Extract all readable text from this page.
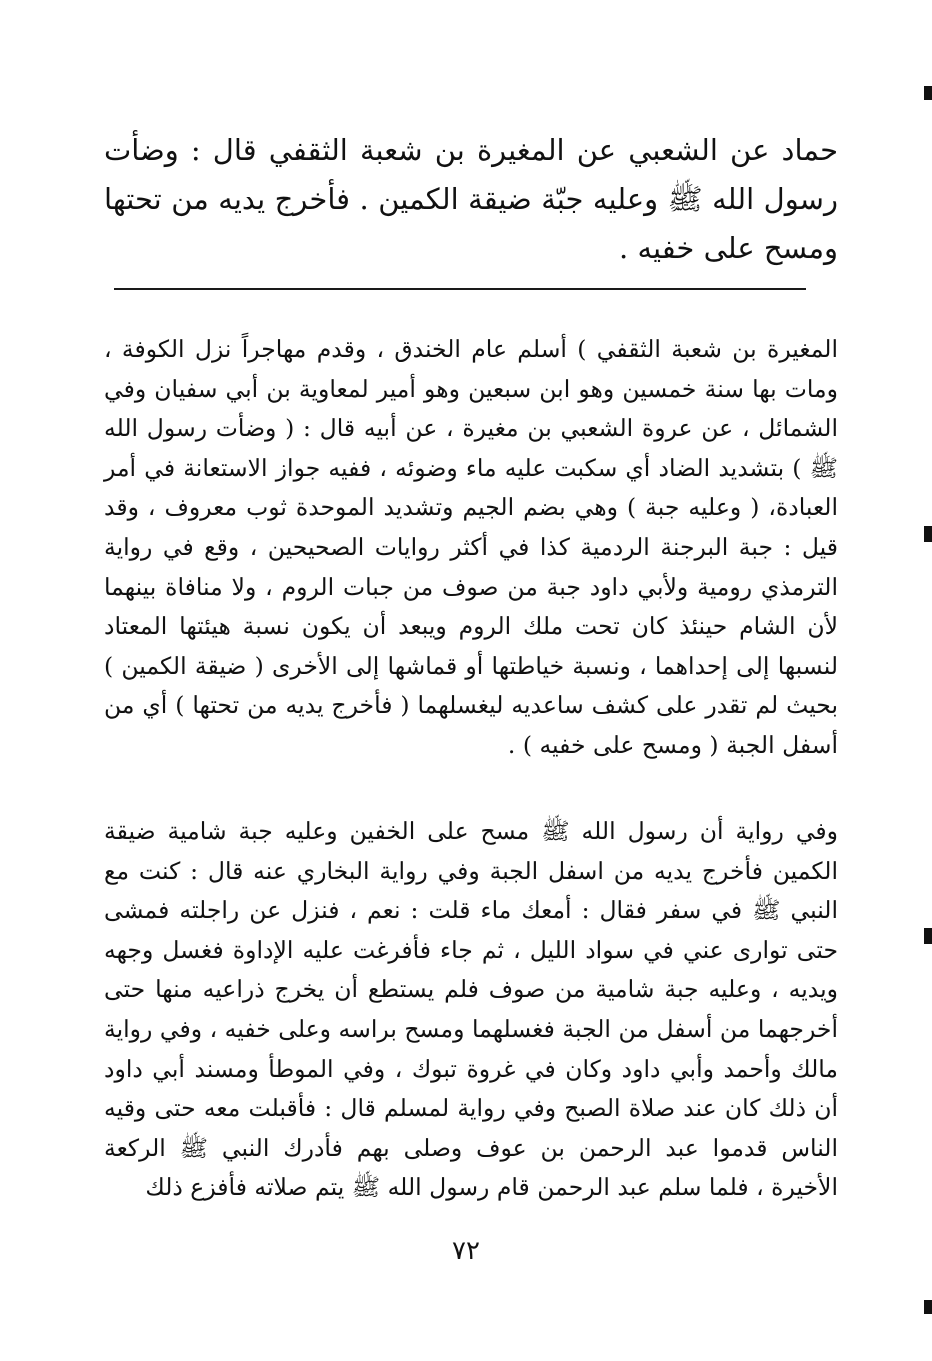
حماد عن الشعبي عن المغيرة بن شعبة الثقفي قال : وضأت رسول الله ﷺ وعليه جبّة ضيقة الكمين . فأخرج يديه من تحتها ومسح على خفيه .

المغيرة بن شعبة الثقفي ) أسلم عام الخندق ، وقدم مهاجراً نزل الكوفة ، ومات بها سنة خمسين وهو ابن سبعين وهو أمير لمعاوية بن أبي سفيان وفي الشمائل ، عن عروة الشعبي بن مغيرة ، عن أبيه قال : ( وضأت رسول الله ﷺ ) بتشديد الضاد أي سكبت عليه ماء وضوئه ، ففيه جواز الاستعانة في أمر العبادة، ( وعليه جبة ) وهي بضم الجيم وتشديد الموحدة ثوب معروف ، وقد قيل : جبة البرجنة الردمية كذا في أكثر روايات الصحيحين ، وقع في رواية الترمذي رومية ولأبي داود جبة من صوف من جبات الروم ، ولا منافاة بينهما لأن الشام حينئذ كان تحت ملك الروم ويبعد أن يكون نسبة هيئتها المعتاد لنسبها إلى إحداهما ، ونسبة خياطتها أو قماشها إلى الأخرى ( ضيقة الكمين ) بحيث لم تقدر على كشف ساعديه ليغسلهما ( فأخرج يديه من تحتها ) أي من أسفل الجبة ( ومسح على خفيه ) .

وفي رواية أن رسول الله ﷺ مسح على الخفين وعليه جبة شامية ضيقة الكمين فأخرج يديه من اسفل الجبة وفي رواية البخاري عنه قال : كنت مع النبي ﷺ في سفر فقال : أمعك ماء قلت : نعم ، فنزل عن راجلته فمشى حتى توارى عني في سواد الليل ، ثم جاء فأفرغت عليه الإداوة فغسل وجهه ويديه ، وعليه جبة شامية من صوف فلم يستطع أن يخرج ذراعيه منها حتى أخرجهما من أسفل من الجبة فغسلهما ومسح براسه وعلى خفيه ، وفي رواية مالك وأحمد وأبي داود وكان في غروة تبوك ، وفي الموطأ ومسند أبي داود أن ذلك كان عند صلاة الصبح وفي رواية لمسلم قال : فأقبلت معه حتى وقيه الناس قدموا عبد الرحمن بن عوف وصلى بهم فأدرك النبي ﷺ الركعة الأخيرة ، فلما سلم عبد الرحمن قام رسول الله ﷺ يتم صلاته فأفزع ذلك

٧٢
